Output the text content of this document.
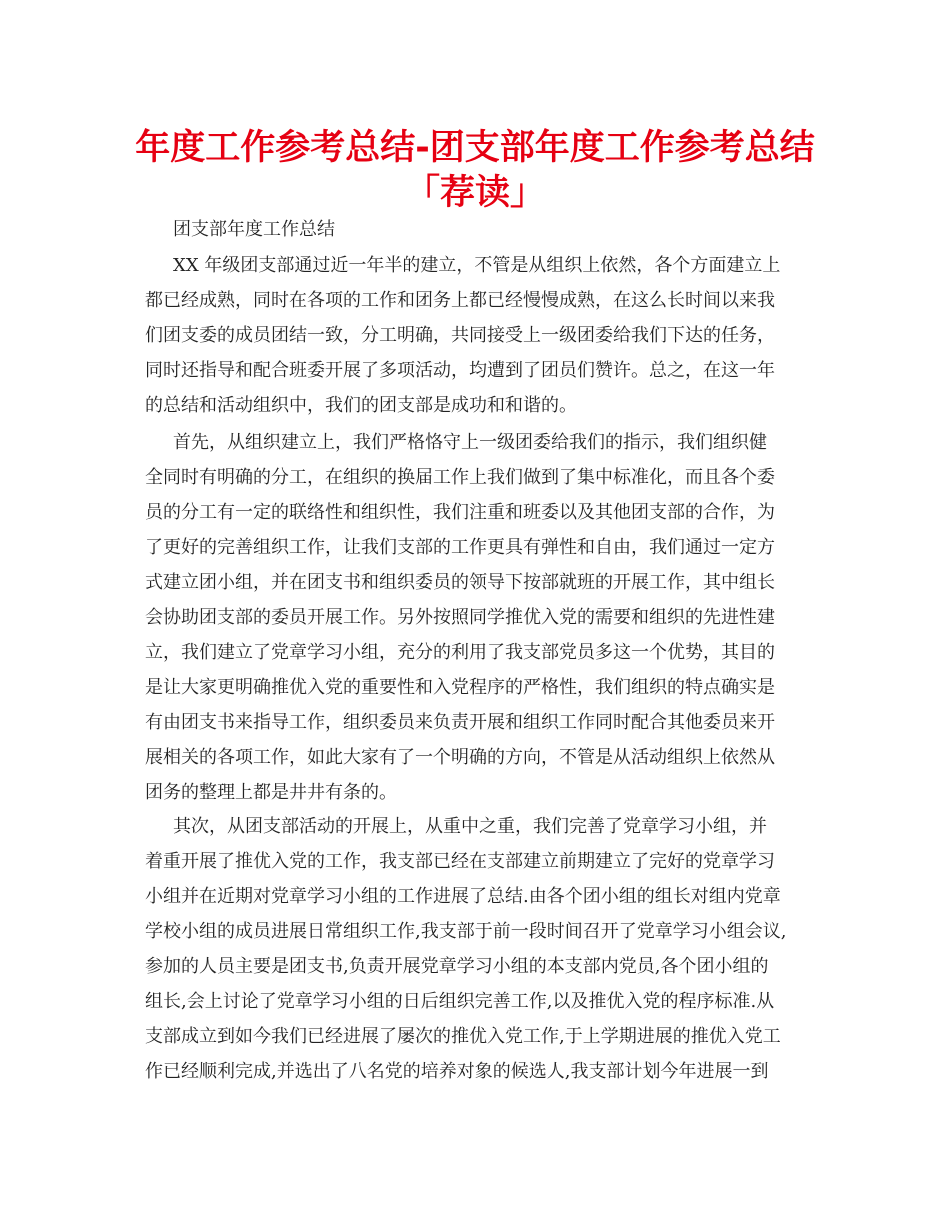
年度工作参考总结-团支部年度工作参考总结
「荐读」
团支部年度工作总结
XX 年级团支部通过近一年半的建立，不管是从组织上依然，各个方面建立上
都已经成熟，同时在各项的工作和团务上都已经慢慢成熟，在这么长时间以来我
们团支委的成员团结一致，分工明确，共同接受上一级团委给我们下达的任务，
同时还指导和配合班委开展了多项活动，均遭到了团员们赞许。总之，在这一年
的总结和活动组织中，我们的团支部是成功和和谐的。
首先，从组织建立上，我们严格恪守上一级团委给我们的指示，我们组织健
全同时有明确的分工，在组织的换届工作上我们做到了集中标准化，而且各个委
员的分工有一定的联络性和组织性，我们注重和班委以及其他团支部的合作，为
了更好的完善组织工作，让我们支部的工作更具有弹性和自由，我们通过一定方
式建立团小组，并在团支书和组织委员的领导下按部就班的开展工作，其中组长
会协助团支部的委员开展工作。另外按照同学推优入党的需要和组织的先进性建
立，我们建立了党章学习小组，充分的利用了我支部党员多这一个优势，其目的
是让大家更明确推优入党的重要性和入党程序的严格性，我们组织的特点确实是
有由团支书来指导工作，组织委员来负责开展和组织工作同时配合其他委员来开
展相关的各项工作，如此大家有了一个明确的方向，不管是从活动组织上依然从
团务的整理上都是井井有条的。
其次，从团支部活动的开展上，从重中之重，我们完善了党章学习小组，并
着重开展了推优入党的工作，我支部已经在支部建立前期建立了完好的党章学习
小组并在近期对党章学习小组的工作进展了总结.由各个团小组的组长对组内党章
学校小组的成员进展日常组织工作,我支部于前一段时间召开了党章学习小组会议,
参加的人员主要是团支书,负责开展党章学习小组的本支部内党员,各个团小组的
组长,会上讨论了党章学习小组的日后组织完善工作,以及推优入党的程序标准.从
支部成立到如今我们已经进展了屡次的推优入党工作,于上学期进展的推优入党工
作已经顺利完成,并选出了八名党的培养对象的候选人,我支部计划今年进展一到
